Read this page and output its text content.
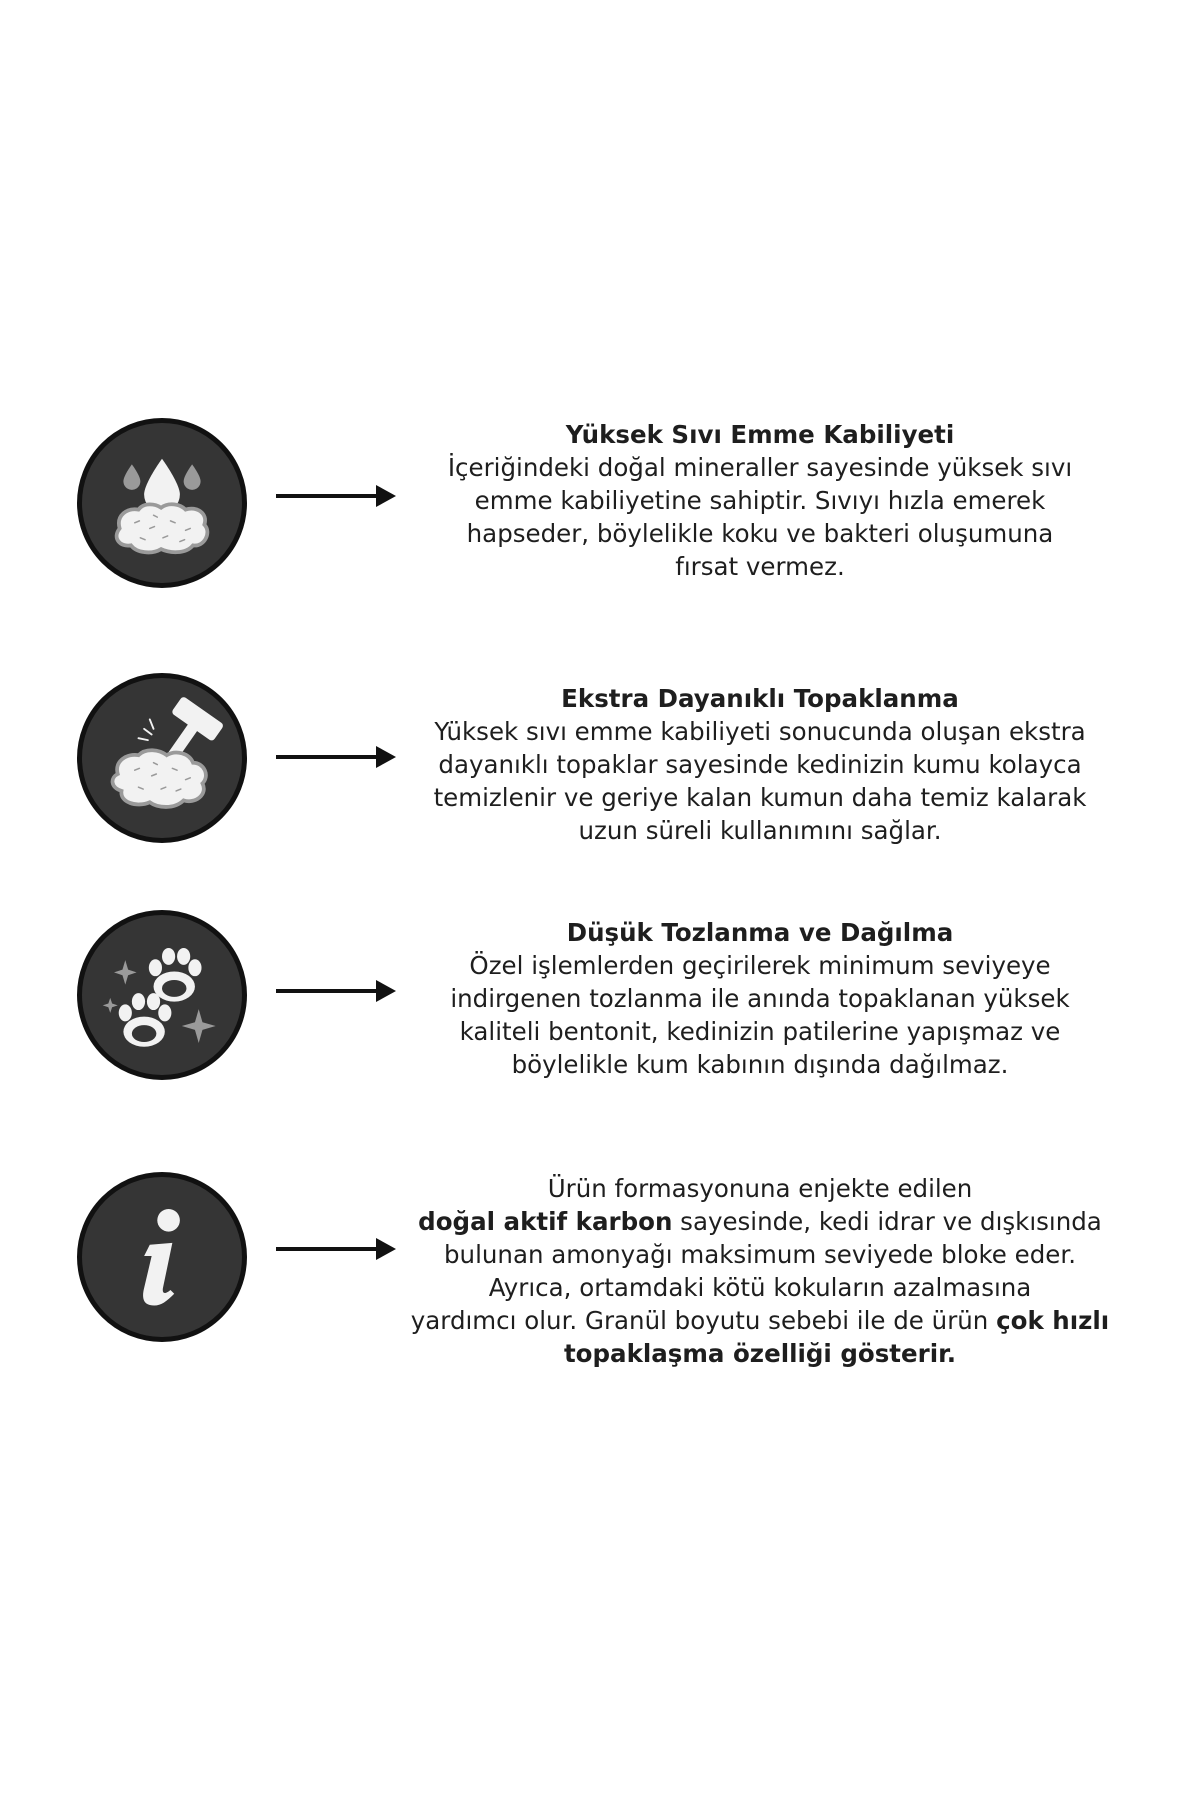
Yüksek Sıvı Emme Kabiliyeti
İçeriğindeki doğal mineraller sayesinde yüksek sıvı
emme kabiliyetine sahiptir. Sıvıyı hızla emerek
hapseder, böylelikle koku ve bakteri oluşumuna
fırsat vermez.
Ekstra Dayanıklı Topaklanma
Yüksek sıvı emme kabiliyeti sonucunda oluşan ekstra
dayanıklı topaklar sayesinde kedinizin kumu kolayca
temizlenir ve geriye kalan kumun daha temiz kalarak
uzun süreli kullanımını sağlar.
Düşük Tozlanma ve Dağılma
Özel işlemlerden geçirilerek minimum seviyeye
indirgenen tozlanma ile anında topaklanan yüksek
kaliteli bentonit, kedinizin patilerine yapışmaz ve
böylelikle kum kabının dışında dağılmaz.
Ürün formasyonuna enjekte edilen
doğal aktif karbon sayesinde, kedi idrar ve dışkısında
bulunan amonyağı maksimum seviyede bloke eder.
Ayrıca, ortamdaki kötü kokuların azalmasına
yardımcı olur. Granül boyutu sebebi ile de ürün çok hızlı
topaklaşma özelliği gösterir.
